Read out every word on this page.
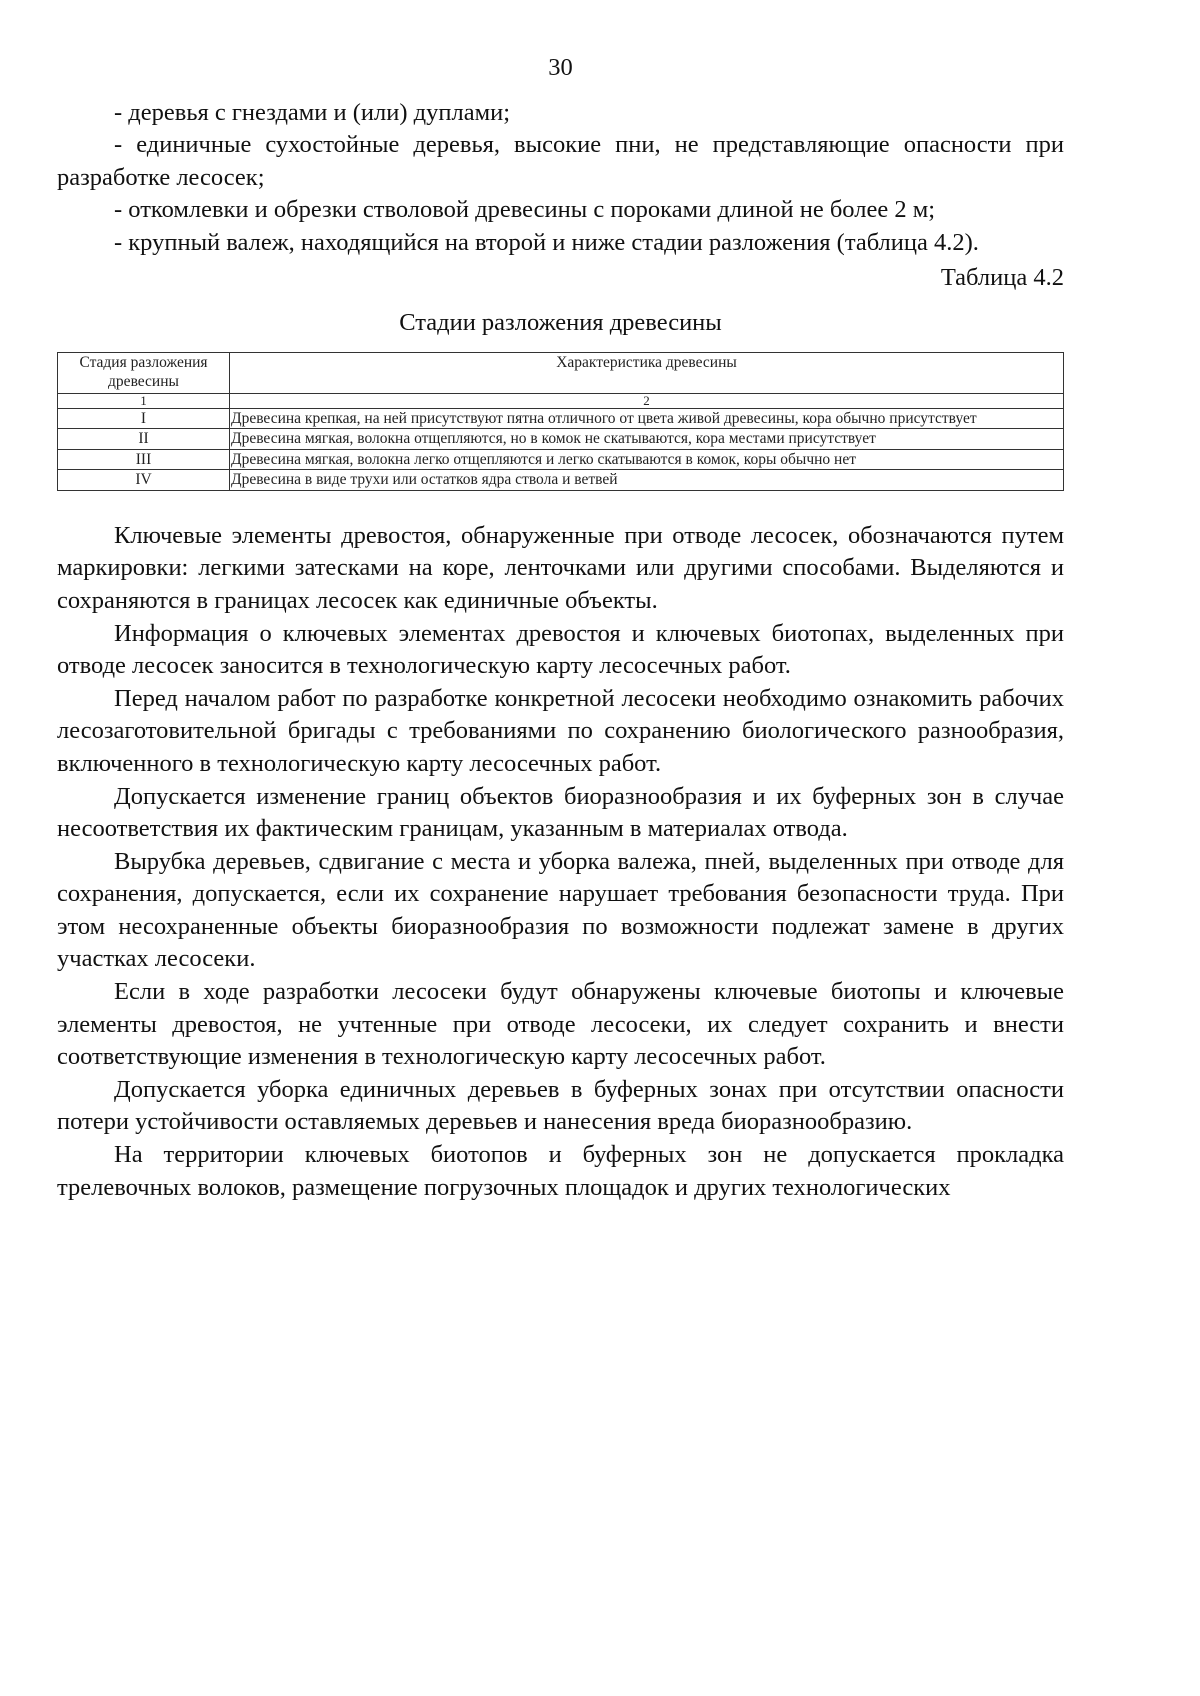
30

- деревья с гнездами и (или) дуплами;

- единичные сухостойные деревья, высокие пни, не представляющие опасности при разработке лесосек;

- откомлевки и обрезки стволовой древесины с пороками длиной не более 2 м;

- крупный валеж, находящийся на второй и ниже стадии разложения (таблица 4.2).

Таблица 4.2
Стадии разложения древесины
Стадия разложения древесины	Характеристика древесины
1	2
I	Древесина крепкая, на ней присутствуют пятна отличного от цвета живой древесины, кора обычно присутствует
II	Древесина мягкая, волокна отщепляются, но в комок не скатываются, кора местами присутствует
III	Древесина мягкая, волокна легко отщепляются и легко скатываются в комок, коры обычно нет
IV	Древесина в виде трухи или остатков ядра ствола и ветвей

Ключевые элементы древостоя, обнаруженные при отводе лесосек, обозначаются путем маркировки: легкими затесками на коре, ленточками или другими способами. Выделяются и сохраняются в границах лесосек как единичные объекты.

Информация о ключевых элементах древостоя и ключевых биотопах, выделенных при отводе лесосек заносится в технологическую карту лесосечных работ.

Перед началом работ по разработке конкретной лесосеки необходимо ознакомить рабочих лесозаготовительной бригады с требованиями по сохранению биологического разнообразия, включенного в технологическую карту лесосечных работ.

Допускается изменение границ объектов биоразнообразия и их буферных зон в случае несоответствия их фактическим границам, указанным в материалах отвода.

Вырубка деревьев, сдвигание с места и уборка валежа, пней, выделенных при отводе для сохранения, допускается, если их сохранение нарушает требования безопасности труда. При этом несохраненные объекты биоразнообразия по возможности подлежат замене в других участках лесосеки.

Если в ходе разработки лесосеки будут обнаружены ключевые биотопы и ключевые элементы древостоя, не учтенные при отводе лесосеки, их следует сохранить и внести соответствующие изменения в технологическую карту лесосечных работ.

Допускается уборка единичных деревьев в буферных зонах при отсутствии опасности потери устойчивости оставляемых деревьев и нанесения вреда биоразнообразию.

На территории ключевых биотопов и буферных зон не допускается прокладка трелевочных волоков, размещение погрузочных площадок и других технологических
